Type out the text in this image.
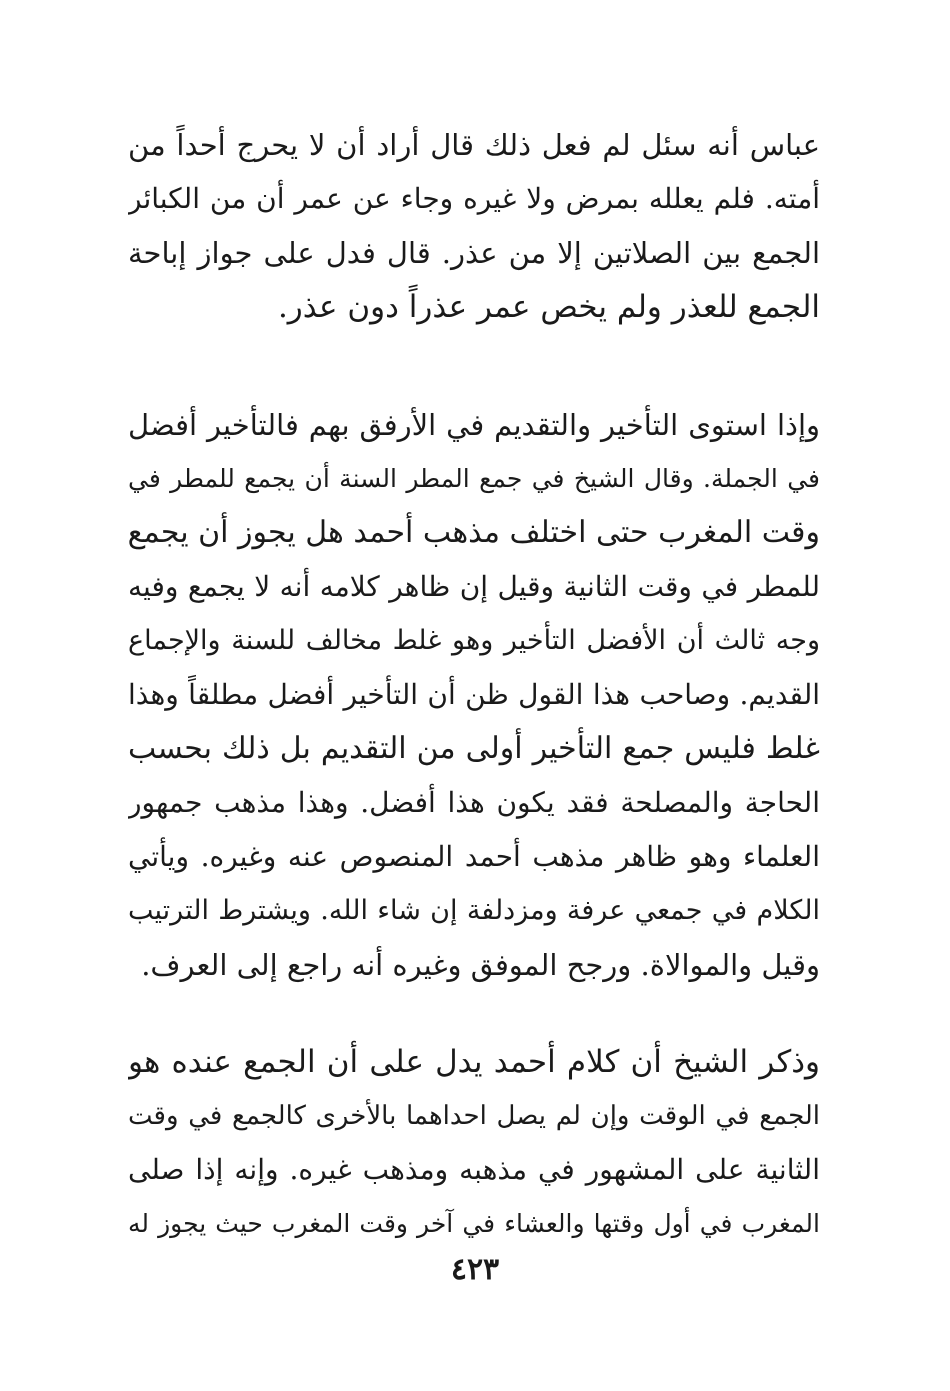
عباس أنه سئل لم فعل ذلك قال أراد أن لا يحرج أحداً من
أمته. فلم يعلله بمرض ولا غيره وجاء عن عمر أن من الكبائر
الجمع بين الصلاتين إلا من عذر. قال فدل على جواز إباحة
الجمع للعذر ولم يخص عمر عذراً دون عذر.
وإذا استوى التأخير والتقديم في الأرفق بهم فالتأخير أفضل
في الجملة. وقال الشيخ في جمع المطر السنة أن يجمع للمطر في
وقت المغرب حتى اختلف مذهب أحمد هل يجوز أن يجمع
للمطر في وقت الثانية وقيل إن ظاهر كلامه أنه لا يجمع وفيه
وجه ثالث أن الأفضل التأخير وهو غلط مخالف للسنة والإجماع
القديم. وصاحب هذا القول ظن أن التأخير أفضل مطلقاً وهذا
غلط فليس جمع التأخير أولى من التقديم بل ذلك بحسب
الحاجة والمصلحة فقد يكون هذا أفضل. وهذا مذهب جمهور
العلماء وهو ظاهر مذهب أحمد المنصوص عنه وغيره. ويأتي
الكلام في جمعي عرفة ومزدلفة إن شاء الله. ويشترط الترتيب
وقيل والموالاة. ورجح الموفق وغيره أنه راجع إلى العرف.
وذكر الشيخ أن كلام أحمد يدل على أن الجمع عنده هو
الجمع في الوقت وإن لم يصل احداهما بالأخرى كالجمع في وقت
الثانية على المشهور في مذهبه ومذهب غيره. وإنه إذا صلى
المغرب في أول وقتها والعشاء في آخر وقت المغرب حيث يجوز له
٤٢٣
